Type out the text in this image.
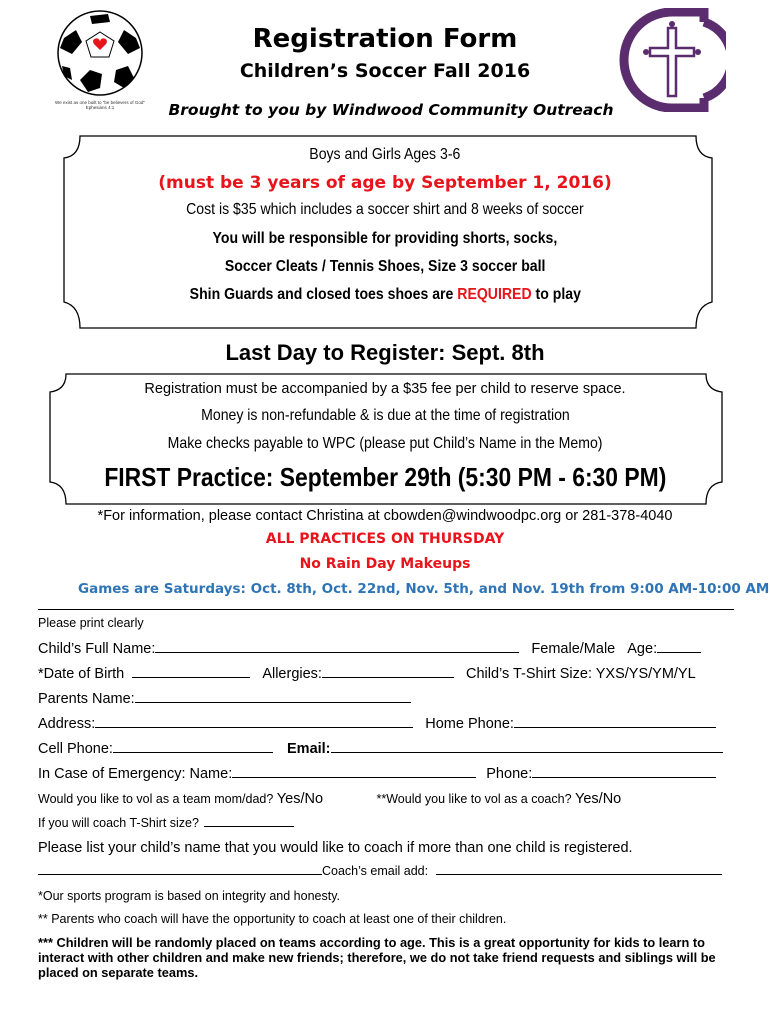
We exist as one built to "be believers of God" Ephesians 4:1
Registration Form
Children’s Soccer Fall 2016
Brought to you by Windwood Community Outreach
Boys and Girls Ages 3-6
(must be 3 years of age by September 1, 2016)
Cost is $35 which includes a soccer shirt and 8 weeks of soccer
You will be responsible for providing shorts, socks,
Soccer Cleats / Tennis Shoes, Size 3 soccer ball
Shin Guards and closed toes shoes are REQUIRED to play
Last Day to Register: Sept. 8th
Registration must be accompanied by a $35 fee per child to reserve space.
Money is non-refundable & is due at the time of registration
Make checks payable to WPC (please put Child’s Name in the Memo)
FIRST Practice: September 29th (5:30 PM - 6:30 PM)
*For information, please contact Christina at cbowden@windwoodpc.org or 281-378-4040
ALL PRACTICES ON THURSDAY
No Rain Day Makeups
Games are Saturdays: Oct. 8th, Oct. 22nd, Nov. 5th, and Nov. 19th from 9:00 AM-10:00 AM
Please print clearly
Child’s Full Name:	Female/Male Age:
*Date of Birth	Allergies:	Child’s T-Shirt Size: YXS/YS/YM/YL
Parents Name:
Address:	Home Phone:
Cell Phone:	Email:
In Case of Emergency: Name:	Phone:
Would you like to vol as a team mom/dad? Yes/No	**Would you like to vol as a coach? Yes/No
If you will coach T-Shirt size?
Please list your child’s name that you would like to coach if more than one child is registered.
Coach’s email add:
*Our sports program is based on integrity and honesty.
** Parents who coach will have the opportunity to coach at least one of their children.
*** Children will be randomly placed on teams according to age. This is a great opportunity for kids to learn to interact with other children and make new friends; therefore, we do not take friend requests and siblings will be placed on separate teams.
